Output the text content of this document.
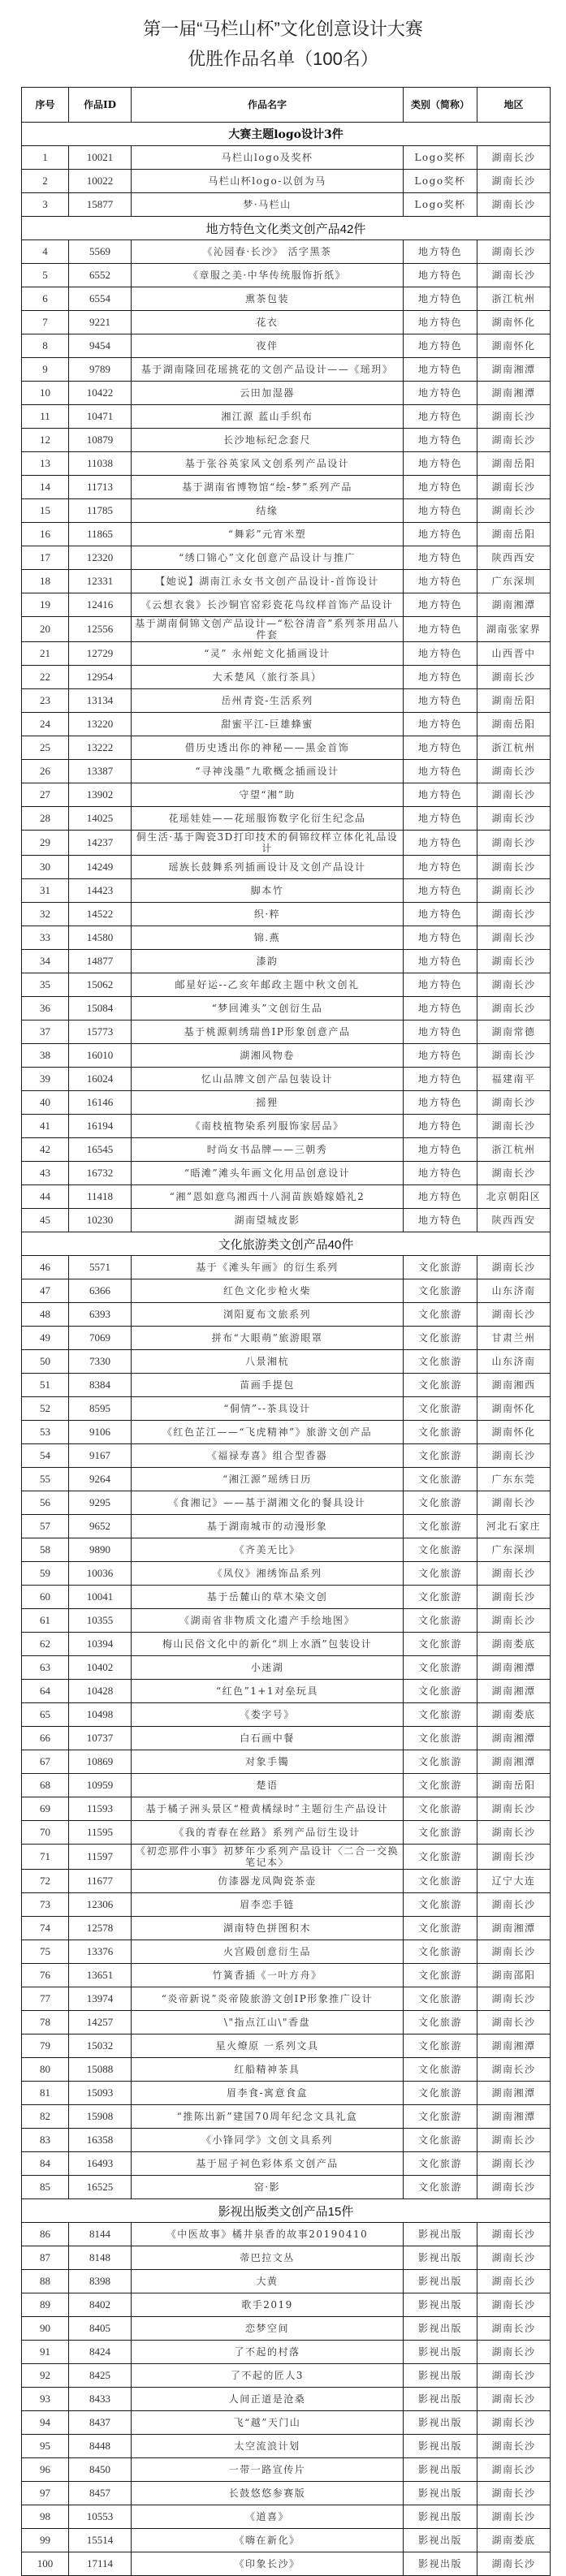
第一届“马栏山杯”文化创意设计大赛
优胜作品名单（100名）
序号	作品ID	作品名字	类别（简称）	地区
大赛主题logo设计3件				
1	10021	马栏山logo及奖杯	Logo奖杯	湖南长沙
2	10022	马栏山杯logo-以创为马	Logo奖杯	湖南长沙
3	15877	梦·马栏山	Logo奖杯	湖南长沙
地方特色文化类文创产品42件				
4	5569	《沁园春·长沙》 活字黑茶	地方特色	湖南长沙
5	6552	《章服之美·中华传统服饰折纸》	地方特色	湖南长沙
6	6554	熏茶包装	地方特色	浙江杭州
7	9221	花衣	地方特色	湖南怀化
8	9454	夜伴	地方特色	湖南怀化
9	9789	基于湖南隆回花瑶挑花的文创产品设计——《瑶玥》	地方特色	湖南湘潭
10	10422	云田加湿器	地方特色	湖南湘潭
11	10471	湘江源 蓝山手织布	地方特色	湖南长沙
12	10879	长沙地标纪念套尺	地方特色	湖南长沙
13	11038	基于张谷英家风文创系列产品设计	地方特色	湖南岳阳
14	11713	基于湖南省博物馆“绘-梦”系列产品	地方特色	湖南长沙
15	11785	结缘	地方特色	湖南长沙
16	11865	“舞彩”元宵米塑	地方特色	湖南岳阳
17	12320	“绣口锦心”文化创意产品设计与推广	地方特色	陕西西安
18	12331	【她说】湖南江永女书文创产品设计-首饰设计	地方特色	广东深圳
19	12416	《云想衣裳》长沙铜官窑彩瓷花鸟纹样首饰产品设计	地方特色	湖南湘潭
20	12556	基于湖南侗锦文创产品设计—“松谷清音”系列茶用品八件套	地方特色	湖南张家界
21	12729	“灵” 永州蛇文化插画设计	地方特色	山西晋中
22	12954	大禾楚风（旅行茶具）	地方特色	湖南长沙
23	13134	岳州青瓷-生活系列	地方特色	湖南岳阳
24	13220	甜蜜平江-巨雄蜂蜜	地方特色	湖南岳阳
25	13222	借历史透出你的神秘——黑金首饰	地方特色	浙江杭州
26	13387	“寻神浅墨”九歌概念插画设计	地方特色	湖南长沙
27	13902	守望“湘”助	地方特色	湖南长沙
28	14025	花瑶娃娃——花瑶服饰数字化衍生纪念品	地方特色	湖南长沙
29	14237	侗生活·基于陶瓷3D打印技术的侗锦纹样立体化礼品设计	地方特色	湖南长沙
30	14249	瑶族长鼓舞系列插画设计及文创产品设计	地方特色	湖南长沙
31	14423	脚本竹	地方特色	湖南长沙
32	14522	织·粹	地方特色	湖南长沙
33	14580	锦.燕	地方特色	湖南长沙
34	14877	漆韵	地方特色	湖南长沙
35	15062	邮星好运--乙亥年邮政主题中秋文创礼	地方特色	湖南长沙
36	15084	“梦回滩头”文创衍生品	地方特色	湖南长沙
37	15773	基于桃源刺绣瑞兽IP形象创意产品	地方特色	湖南常德
38	16010	湖湘风物卷	地方特色	湖南长沙
39	16024	忆山品牌文创产品包装设计	地方特色	福建南平
40	16146	摇狸	地方特色	湖南长沙
41	16194	《南枝植物染系列服饰家居品》	地方特色	湖南长沙
42	16545	时尚女书品牌——三朝秀	地方特色	浙江杭州
43	16732	“晤滩”滩头年画文化用品创意设计	地方特色	湖南长沙
44	11418	“湘”恩如意鸟湘西十八洞苗族婚嫁婚礼2	地方特色	北京朝阳区
45	10230	湖南望城皮影	地方特色	陕西西安
文化旅游类文创产品40件				
46	5571	基于《滩头年画》的衍生系列	文化旅游	湖南长沙
47	6366	红色文化步枪火柴	文化旅游	山东济南
48	6393	浏阳夏布文旅系列	文化旅游	湖南长沙
49	7069	拼布“大眼萌”旅游眼罩	文化旅游	甘肃兰州
50	7330	八景湘杭	文化旅游	山东济南
51	8384	苗画手提包	文化旅游	湖南湘西
52	8595	“侗情”--茶具设计	文化旅游	湖南怀化
53	9106	《红色芷江——“飞虎精神”》旅游文创产品	文化旅游	湖南怀化
54	9167	《福禄寿喜》组合型香器	文化旅游	湖南长沙
55	9264	“湘江源”瑶绣日历	文化旅游	广东东莞
56	9295	《食湘记》——基于湖湘文化的餐具设计	文化旅游	湖南长沙
57	9652	基于湖南城市的动漫形象	文化旅游	河北石家庄
58	9890	《齐美无比》	文化旅游	广东深圳
59	10036	《凤仪》湘绣饰品系列	文化旅游	湖南长沙
60	10041	基于岳麓山的草木染文创	文化旅游	湖南长沙
61	10355	《湖南省非物质文化遗产手绘地图》	文化旅游	湖南长沙
62	10394	梅山民俗文化中的新化“圳上水酒”包装设计	文化旅游	湖南娄底
63	10402	小迷湖	文化旅游	湖南湘潭
64	10428	“红色”1+1对垒玩具	文化旅游	湖南湘潭
65	10498	《娄字号》	文化旅游	湖南娄底
66	10737	白石画中餐	文化旅游	湖南湘潭
67	10869	对象手镯	文化旅游	湖南湘潭
68	10959	楚语	文化旅游	湖南岳阳
69	11593	基于橘子洲头景区“橙黄橘绿时”主题衍生产品设计	文化旅游	湖南长沙
70	11595	《我的青春在丝路》系列产品衍生设计	文化旅游	湖南长沙
71	11597	《初恋那件小事》初梦年少系列产品设计〈二合一交换笔记本〉	文化旅游	湖南长沙
72	11677	仿漆器龙凤陶瓷茶壶	文化旅游	辽宁大连
73	12306	眉李恋手链	文化旅游	湖南长沙
74	12578	湖南特色拼图积木	文化旅游	湖南湘潭
75	13376	火宫殿创意衍生品	文化旅游	湖南长沙
76	13651	竹簧香插《一叶方舟》	文化旅游	湖南邵阳
77	13974	“炎帝新说”炎帝陵旅游文创IP形象推广设计	文化旅游	湖南长沙
78	14257	\"指点江山\"香盘	文化旅游	湖南长沙
79	15032	星火燎原 一系列文具	文化旅游	湖南湘潭
80	15088	红船精神茶具	文化旅游	湖南长沙
81	15093	眉李食-寓意食盒	文化旅游	湖南湘潭
82	15908	“推陈出新”建国70周年纪念文具礼盒	文化旅游	湖南湘潭
83	16358	《小锋同学》文创文具系列	文化旅游	湖南长沙
84	16493	基于屈子祠色彩体系文创产品	文化旅游	湖南长沙
85	16525	窑·影	文化旅游	湖南长沙
影视出版类文创产品15件				
86	8144	《中医故事》橘井泉香的故事20190410	影视出版	湖南长沙
87	8148	蒂巴拉文丛	影视出版	湖南长沙
88	8398	大黄	影视出版	湖南长沙
89	8402	歌手2019	影视出版	湖南长沙
90	8405	恋梦空间	影视出版	湖南长沙
91	8424	了不起的村落	影视出版	湖南长沙
92	8425	了不起的匠人3	影视出版	湖南长沙
93	8433	人间正道是沧桑	影视出版	湖南长沙
94	8437	飞“越”天门山	影视出版	湖南长沙
95	8448	太空流浪计划	影视出版	湖南长沙
96	8450	一带一路宣传片	影视出版	湖南长沙
97	8457	长鼓悠悠参赛版	影视出版	湖南长沙
98	10553	《道喜》	影视出版	湖南长沙
99	15514	《嗨在新化》	影视出版	湖南娄底
100	17114	《印象长沙》	影视出版	湖南长沙
